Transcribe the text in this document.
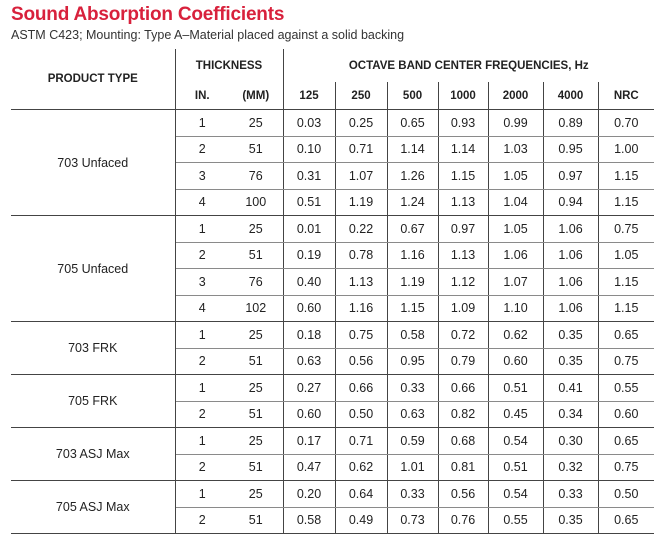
Sound Absorption Coefficients
ASTM C423; Mounting: Type A–Material placed against a solid backing
PRODUCT TYPE	THICKNESS		OCTAVE BAND CENTER FREQUENCIES, Hz						
	IN.	(MM)	125	250	500	1000	2000	4000	NRC
703 Unfaced	1	25	0.03	0.25	0.65	0.93	0.99	0.89	0.70
	2	51	0.10	0.71	1.14	1.14	1.03	0.95	1.00
	3	76	0.31	1.07	1.26	1.15	1.05	0.97	1.15
	4	100	0.51	1.19	1.24	1.13	1.04	0.94	1.15
705 Unfaced	1	25	0.01	0.22	0.67	0.97	1.05	1.06	0.75
	2	51	0.19	0.78	1.16	1.13	1.06	1.06	1.05
	3	76	0.40	1.13	1.19	1.12	1.07	1.06	1.15
	4	102	0.60	1.16	1.15	1.09	1.10	1.06	1.15
703 FRK	1	25	0.18	0.75	0.58	0.72	0.62	0.35	0.65
	2	51	0.63	0.56	0.95	0.79	0.60	0.35	0.75
705 FRK	1	25	0.27	0.66	0.33	0.66	0.51	0.41	0.55
	2	51	0.60	0.50	0.63	0.82	0.45	0.34	0.60
703 ASJ Max	1	25	0.17	0.71	0.59	0.68	0.54	0.30	0.65
	2	51	0.47	0.62	1.01	0.81	0.51	0.32	0.75
705 ASJ Max	1	25	0.20	0.64	0.33	0.56	0.54	0.33	0.50
	2	51	0.58	0.49	0.73	0.76	0.55	0.35	0.65
